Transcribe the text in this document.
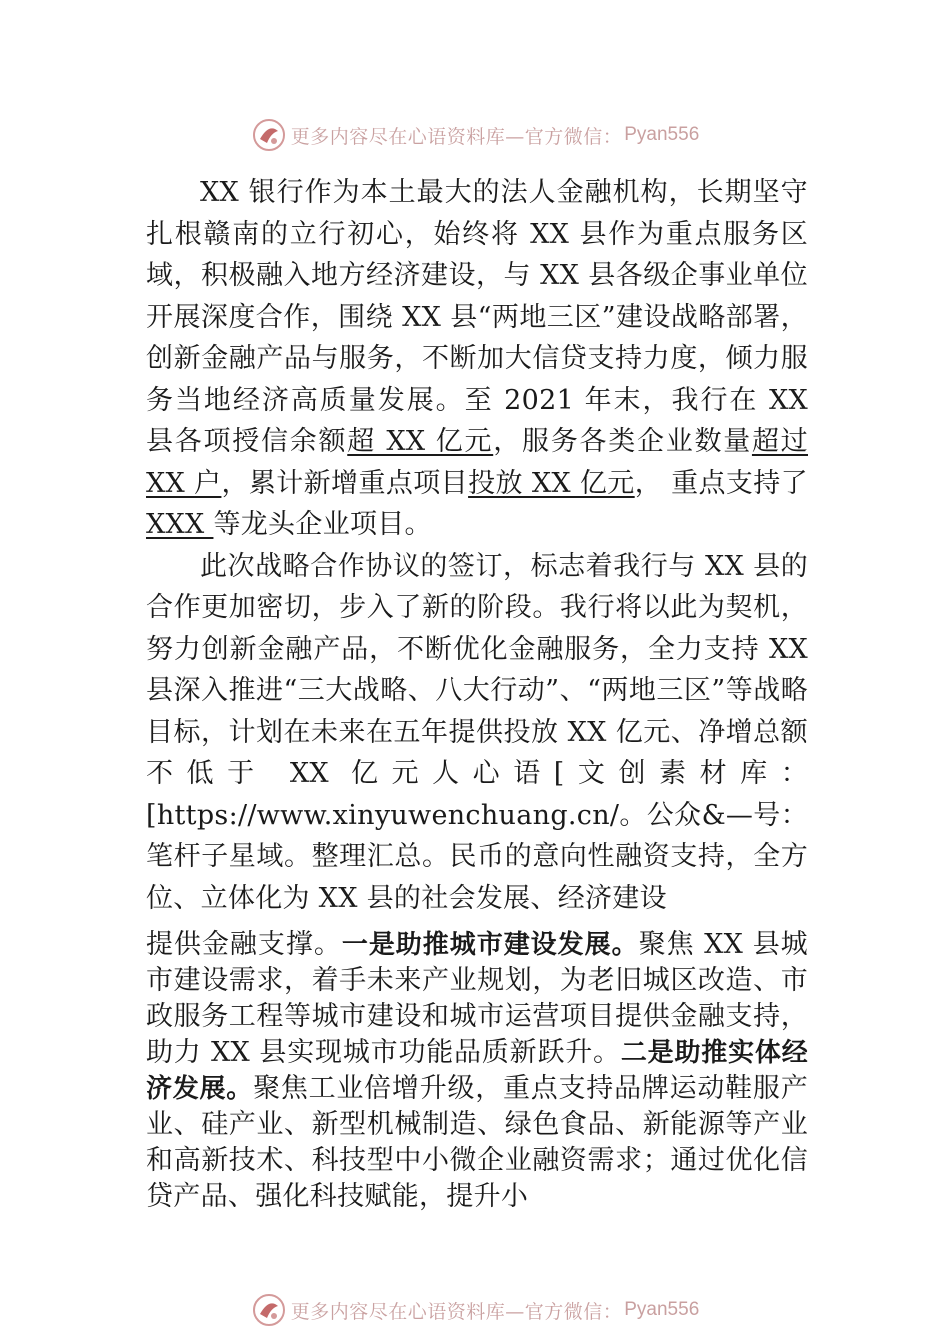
更多内容尽在心语资料库—官方微信： Pyan556

XX 银行作为本土最大的法人金融机构，长期坚守扎根赣南的立行初心，始终将 XX 县作为重点服务区域，积极融入地方经济建设，与 XX 县各级企事业单位开展深度合作，围绕 XX 县“两地三区”建设战略部署，创新金融产品与服务，不断加大信贷支持力度，倾力服务当地经济高质量发展。至 2021 年末，我行在 XX 县各项授信余额超 XX 亿元，服务各类企业数量超过 XX 户，累计新增重点项目投放 XX 亿元， 重点支持了 XXX 等龙头企业项目。

此次战略合作协议的签订，标志着我行与 XX 县的合作更加密切，步入了新的阶段。我行将以此为契机，努力创新金融产品，不断优化金融服务，全力支持 XX 县深入推进“三大战略、八大行动”、“两地三区”等战略目标，计划在未来在五年提供投放 XX 亿元、净增总额不低于 XX 亿元人心语[文创素材库：[https://www.xinyuwenchuang.cn/。公众&—号：笔杆子星域。整理汇总。民币的意向性融资支持，全方位、立体化为 XX 县的社会发展、经济建设

提供金融支撑。一是助推城市建设发展。聚焦 XX 县城市建设需求，着手未来产业规划，为老旧城区改造、市政服务工程等城市建设和城市运营项目提供金融支持，助力 XX 县实现城市功能品质新跃升。二是助推实体经济发展。聚焦工业倍增升级，重点支持品牌运动鞋服产业、硅产业、新型机械制造、绿色食品、新能源等产业和高新技术、科技型中小微企业融资需求；通过优化信贷产品、强化科技赋能，提升小

更多内容尽在心语资料库—官方微信： Pyan556
